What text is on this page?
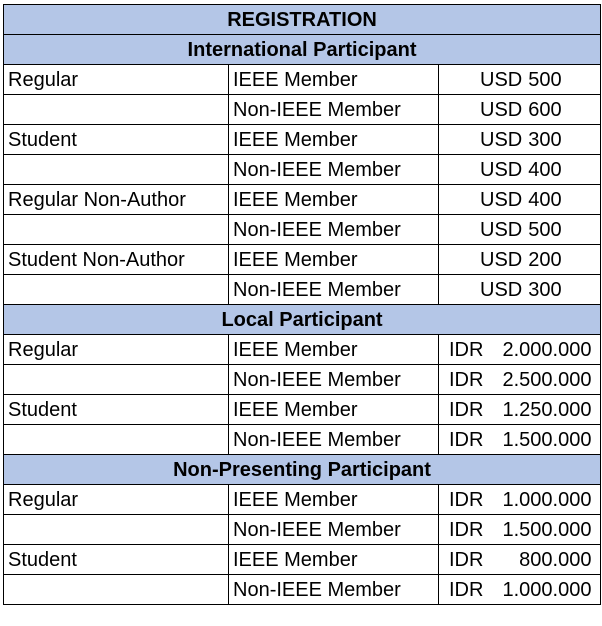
REGISTRATION		
International Participant		
Regular	IEEE Member	USD 500

	Non-IEEE Member	USD 600

Student	IEEE Member	USD 300

	Non-IEEE Member	USD 400

Regular Non-Author	IEEE Member	USD 400

	Non-IEEE Member	USD 500

Student Non-Author	IEEE Member	USD 200

	Non-IEEE Member	USD 300

Local Participant		
Regular	IEEE Member	IDR 2.000.000

	Non-IEEE Member	IDR 2.500.000

Student	IEEE Member	IDR 1.250.000

	Non-IEEE Member	IDR 1.500.000

Non-Presenting Participant		
Regular	IEEE Member	IDR 1.000.000

	Non-IEEE Member	IDR 1.500.000

Student	IEEE Member	IDR 800.000

	Non-IEEE Member	IDR 1.000.000
